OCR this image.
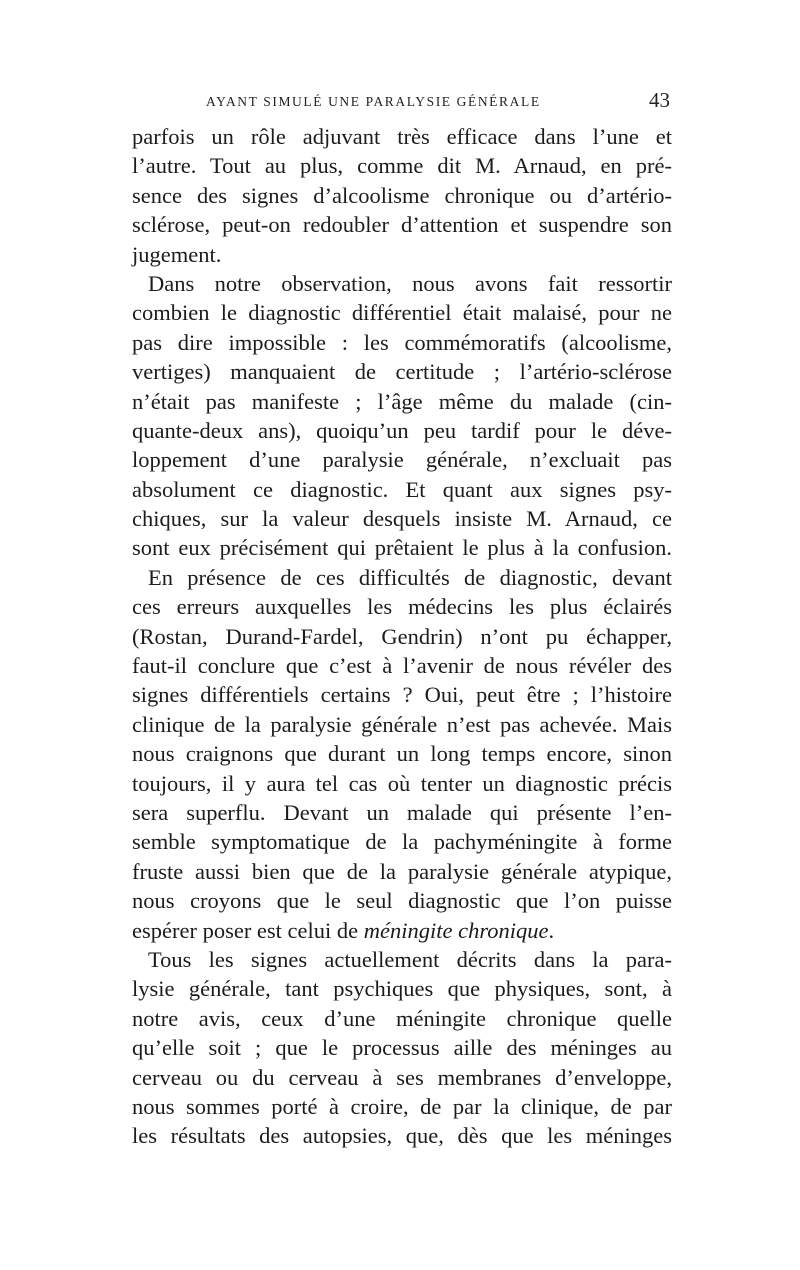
AYANT SIMULÉ UNE PARALYSIE GÉNÉRALE	43
parfois un rôle adjuvant très efficace dans l’une et
l’autre. Tout au plus, comme dit M. Arnaud, en pré-
sence des signes d’alcoolisme chronique ou d’artério-
sclérose, peut-on redoubler d’attention et suspendre son
jugement.
Dans notre observation, nous avons fait ressortir
combien le diagnostic différentiel était malaisé, pour ne
pas dire impossible : les commémoratifs (alcoolisme,
vertiges) manquaient de certitude ; l’artério-sclérose
n’était pas manifeste ; l’âge même du malade (cin-
quante-deux ans), quoiqu’un peu tardif pour le déve-
loppement d’une paralysie générale, n’excluait pas
absolument ce diagnostic. Et quant aux signes psy-
chiques, sur la valeur desquels insiste M. Arnaud, ce
sont eux précisément qui prêtaient le plus à la confusion.
En présence de ces difficultés de diagnostic, devant
ces erreurs auxquelles les médecins les plus éclairés
(Rostan, Durand-Fardel, Gendrin) n’ont pu échapper,
faut-il conclure que c’est à l’avenir de nous révéler des
signes différentiels certains ? Oui, peut être ; l’histoire
clinique de la paralysie générale n’est pas achevée. Mais
nous craignons que durant un long temps encore, sinon
toujours, il y aura tel cas où tenter un diagnostic précis
sera superflu. Devant un malade qui présente l’en-
semble symptomatique de la pachyméningite à forme
fruste aussi bien que de la paralysie générale atypique,
nous croyons que le seul diagnostic que l’on puisse
espérer poser est celui de méningite chronique.
Tous les signes actuellement décrits dans la para-
lysie générale, tant psychiques que physiques, sont, à
notre avis, ceux d’une méningite chronique quelle
qu’elle soit ; que le processus aille des méninges au
cerveau ou du cerveau à ses membranes d’enveloppe,
nous sommes porté à croire, de par la clinique, de par
les résultats des autopsies, que, dès que les méninges
